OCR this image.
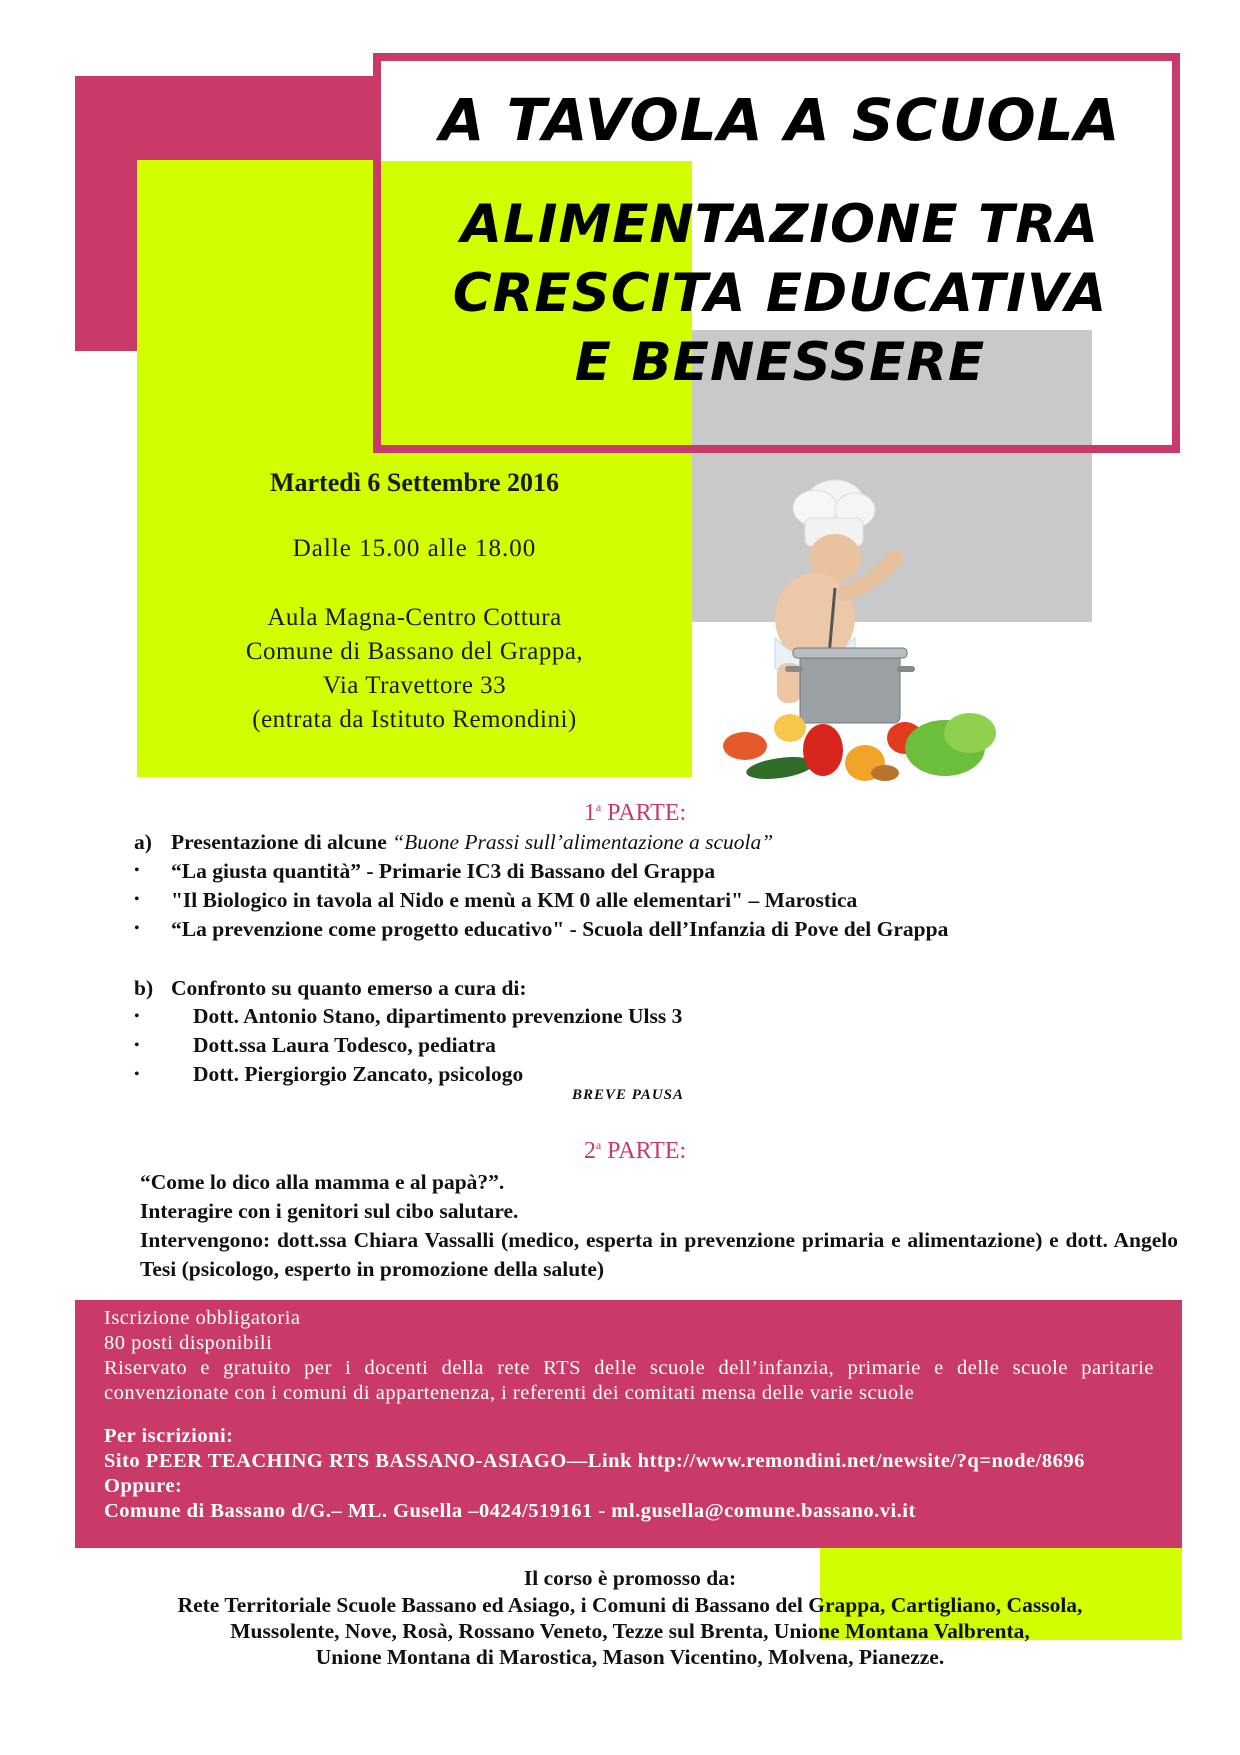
A TAVOLA A SCUOLA
ALIMENTAZIONE TRA
CRESCITA EDUCATIVA
E BENESSERE
Martedì 6 Settembre 2016
Dalle 15.00 alle 18.00
Aula Magna-Centro Cottura
Comune di Bassano del Grappa,
Via Travettore 33
(entrata da Istituto Remondini)
1$^a$ PARTE:
a) Presentazione di alcune “Buone Prassi sull’alimentazione a scuola”
• “La giusta quantità” - Primarie IC3 di Bassano del Grappa
• "Il Biologico in tavola al Nido e menù a KM 0 alle elementari" – Marostica
• “La prevenzione come progetto educativo" - Scuola dell’Infanzia di Pove del Grappa
b) Confronto su quanto emerso a cura di:
• Dott. Antonio Stano, dipartimento prevenzione Ulss 3
• Dott.ssa Laura Todesco, pediatra
• Dott. Piergiorgio Zancato, psicologo
BREVE PAUSA
2$^a$ PARTE:
“Come lo dico alla mamma e al papà?”.
Interagire con i genitori sul cibo salutare.
Intervengono: dott.ssa Chiara Vassalli (medico, esperta in prevenzione primaria e alimentazione) e dott. Angelo Tesi (psicologo, esperto in promozione della salute)
Iscrizione obbligatoria
80 posti disponibili
Riservato e gratuito per i docenti della rete RTS delle scuole dell’infanzia, primarie e delle scuole paritarie convenzionate con i comuni di appartenenza, i referenti dei comitati mensa delle varie scuole
Per iscrizioni:
Sito PEER TEACHING RTS BASSANO-ASIAGO—Link http://www.remondini.net/newsite/?q=node/8696
Oppure:
Comune di Bassano d/G.– ML. Gusella –0424/519161 - ml.gusella@comune.bassano.vi.it
Il corso è promosso da:
Rete Territoriale Scuole Bassano ed Asiago, i Comuni di Bassano del Grappa, Cartigliano, Cassola,
Mussolente, Nove, Rosà, Rossano Veneto, Tezze sul Brenta, Unione Montana Valbrenta,
Unione Montana di Marostica, Mason Vicentino, Molvena, Pianezze.
